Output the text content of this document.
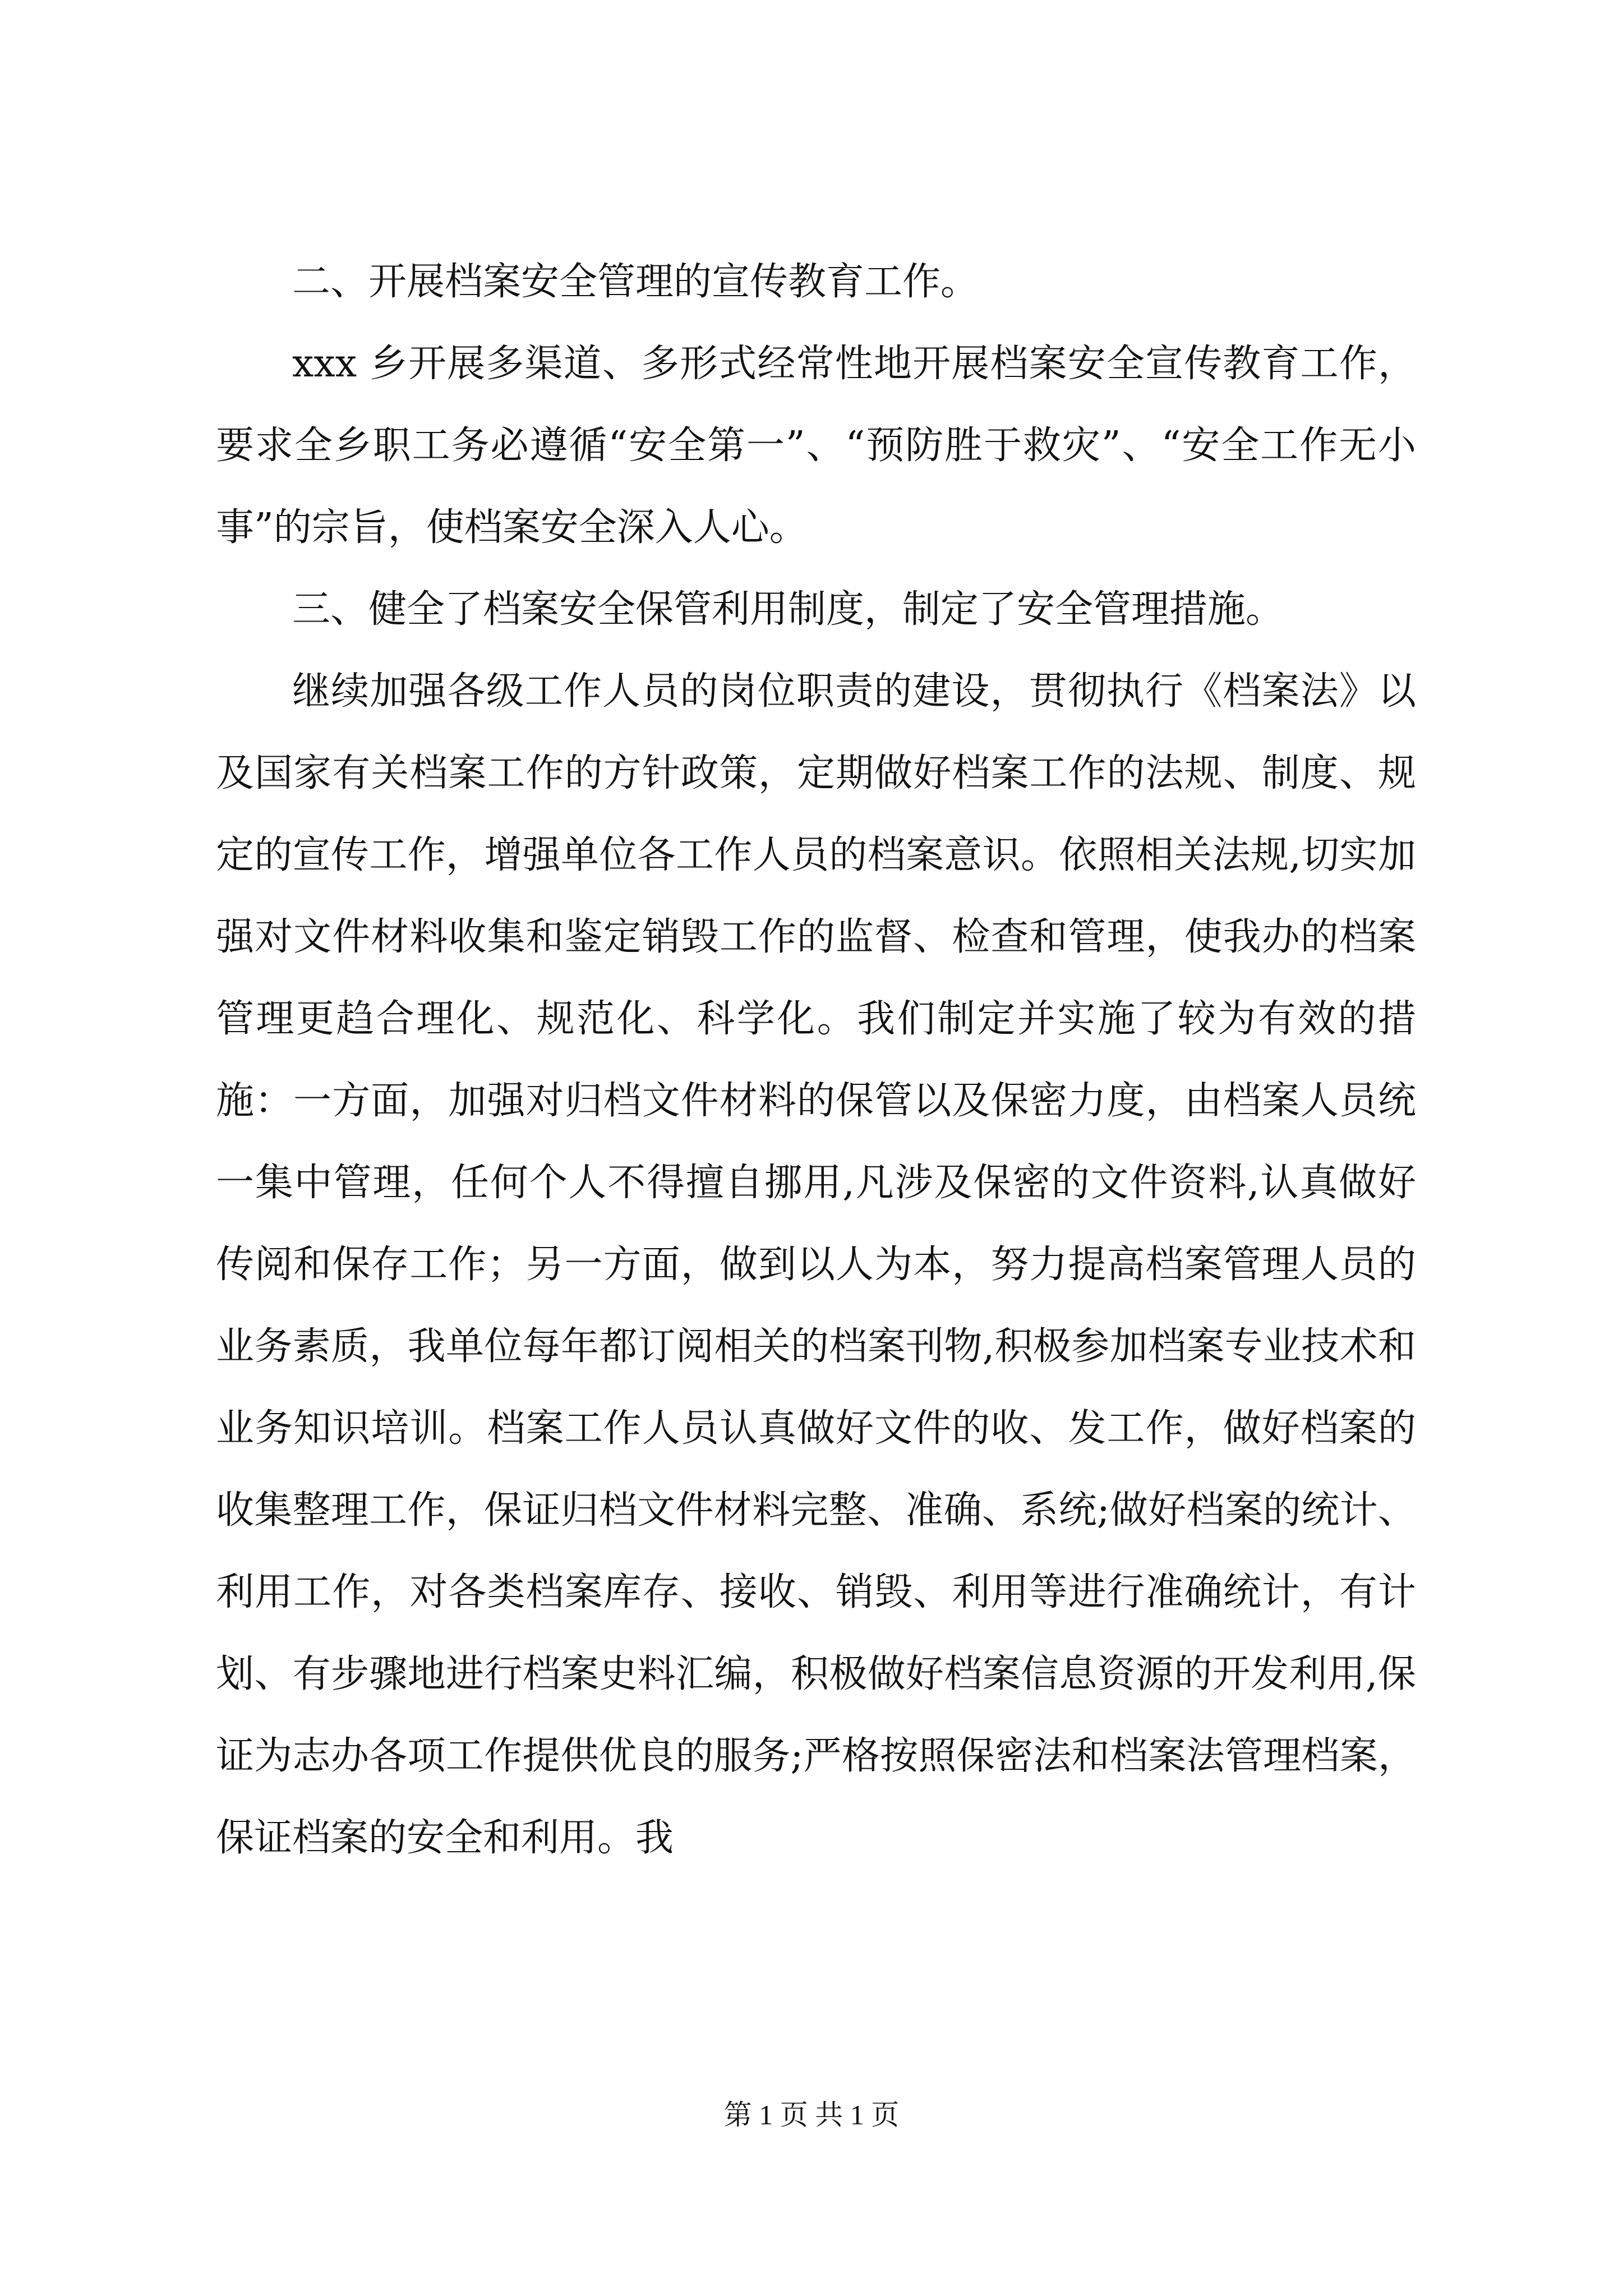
二、开展档案安全管理的宣传教育工作。

xxx 乡开展多渠道、多形式经常性地开展档案安全宣传教育工作，要求全乡职工务必遵循“安全第一”、“预防胜于救灾”、“安全工作无小事”的宗旨，使档案安全深入人心。

三、健全了档案安全保管利用制度，制定了安全管理措施。

继续加强各级工作人员的岗位职责的建设，贯彻执行《档案法》以及国家有关档案工作的方针政策，定期做好档案工作的法规、制度、规定的宣传工作，增强单位各工作人员的档案意识。依照相关法规,切实加强对文件材料收集和鉴定销毁工作的监督、检查和管理，使我办的档案管理更趋合理化、规范化、科学化。我们制定并实施了较为有效的措施：一方面，加强对归档文件材料的保管以及保密力度，由档案人员统一集中管理，任何个人不得擅自挪用,凡涉及保密的文件资料,认真做好传阅和保存工作；另一方面，做到以人为本，努力提高档案管理人员的业务素质，我单位每年都订阅相关的档案刊物,积极参加档案专业技术和业务知识培训。档案工作人员认真做好文件的收、发工作，做好档案的收集整理工作，保证归档文件材料完整、准确、系统;做好档案的统计、利用工作，对各类档案库存、接收、销毁、利用等进行准确统计，有计划、有步骤地进行档案史料汇编，积极做好档案信息资源的开发利用,保证为志办各项工作提供优良的服务;严格按照保密法和档案法管理档案，保证档案的安全和利用。我

第 1 页 共 1 页
